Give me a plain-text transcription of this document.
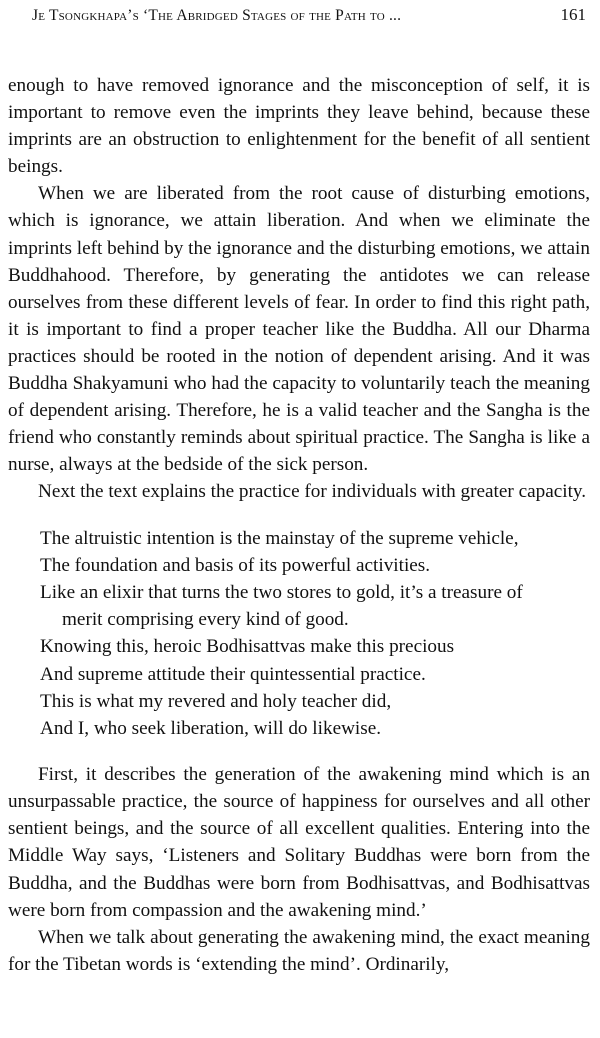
Je Tsongkhapa’s ‘The Abridged Stages of the Path to ...	161

enough to have removed ignorance and the misconception of self, it is important to remove even the imprints they leave behind, because these imprints are an obstruction to enlightenment for the benefit of all sentient beings.

When we are liberated from the root cause of disturbing emotions, which is ignorance, we attain liberation. And when we eliminate the imprints left behind by the ignorance and the disturbing emotions, we attain Buddhahood. Therefore, by generating the antidotes we can release ourselves from these different levels of fear. In order to find this right path, it is important to find a proper teacher like the Buddha. All our Dharma practices should be rooted in the notion of dependent arising. And it was Buddha Shakyamuni who had the capacity to voluntarily teach the meaning of dependent arising. Therefore, he is a valid teacher and the Sangha is the friend who constantly reminds about spiritual practice. The Sangha is like a nurse, always at the bedside of the sick person.

Next the text explains the practice for individuals with greater capacity.

The altruistic intention is the mainstay of the supreme vehicle,
The foundation and basis of its powerful activities.
Like an elixir that turns the two stores to gold, it’s a treasure of
merit comprising every kind of good.
Knowing this, heroic Bodhisattvas make this precious
And supreme attitude their quintessential practice.
This is what my revered and holy teacher did,
And I, who seek liberation, will do likewise.

First, it describes the generation of the awakening mind which is an unsurpassable practice, the source of happiness for ourselves and all other sentient beings, and the source of all excellent qualities. Entering into the Middle Way says, ‘Listeners and Solitary Buddhas were born from the Buddha, and the Buddhas were born from Bodhisattvas, and Bodhisattvas were born from compassion and the awakening mind.’

When we talk about generating the awakening mind, the exact meaning for the Tibetan words is ‘extending the mind’. Ordinarily,
